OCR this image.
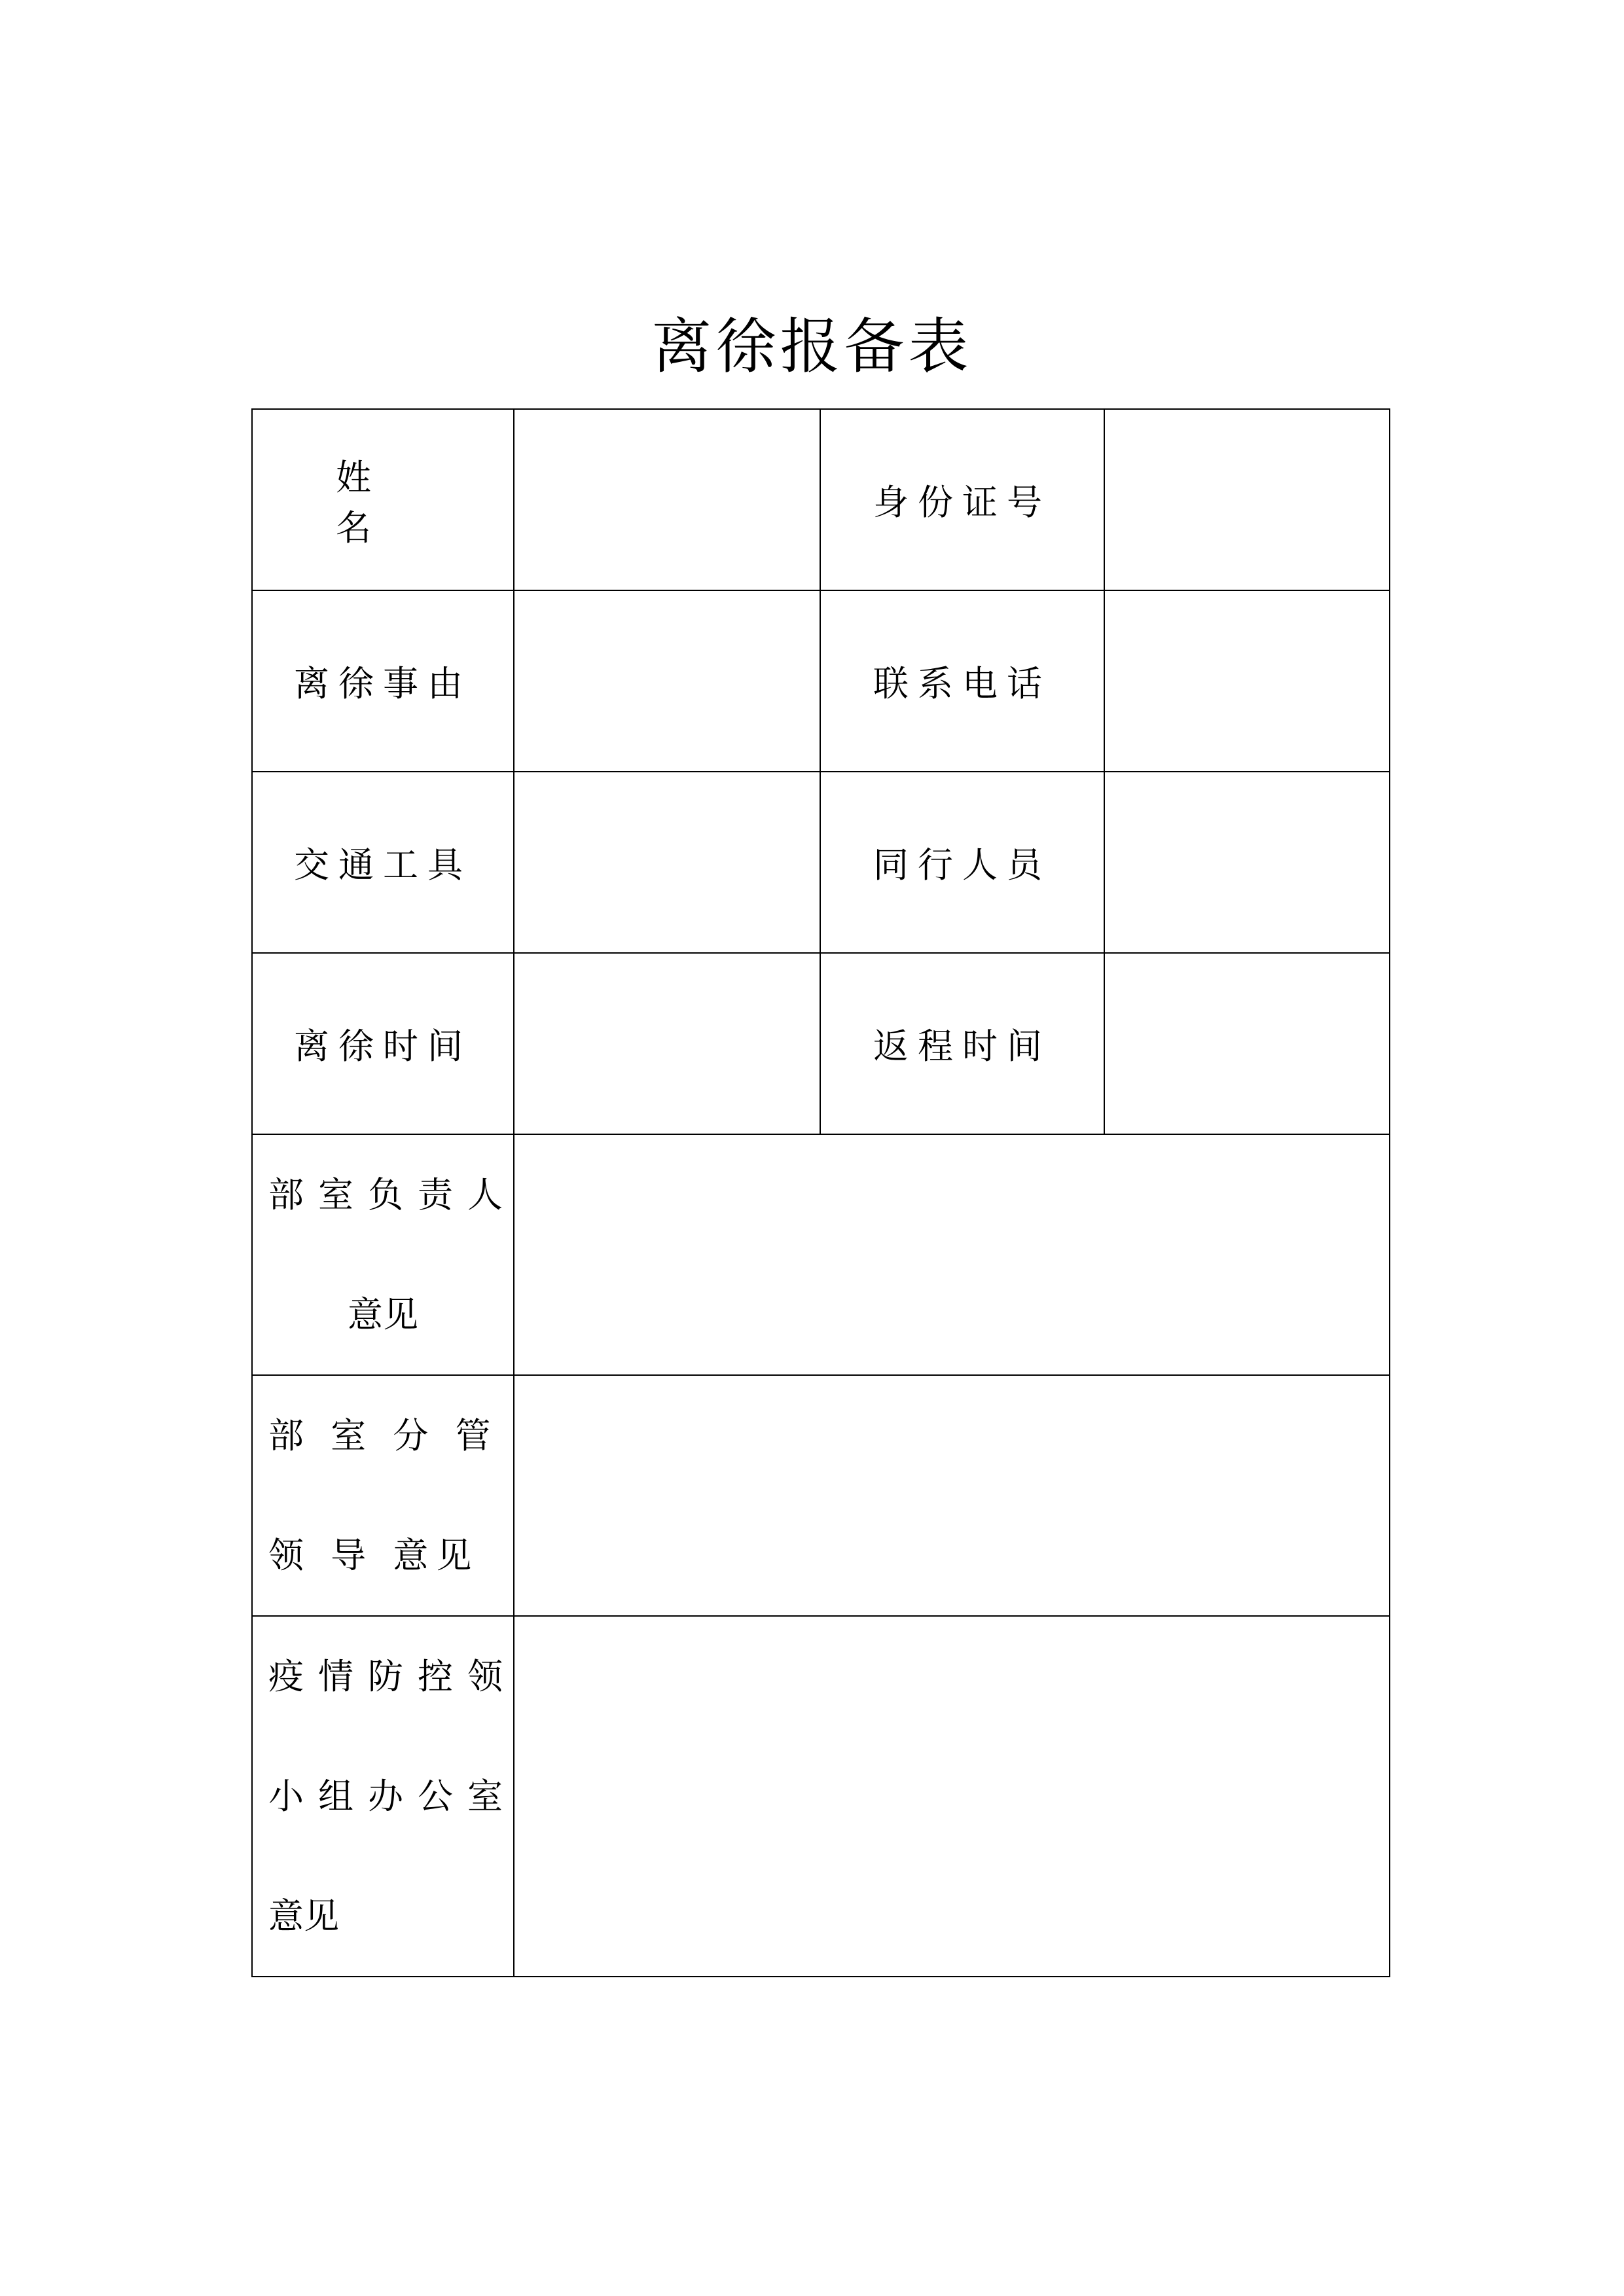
离徐报备表
姓　名		身份证号	
离徐事由		联系电话	
交通工具		同行人员	
离徐时间		返程时间	

部室负责人
意见			

部 室 分 管
领 导 意见			

疫情防控领
小组办公室
意见			
